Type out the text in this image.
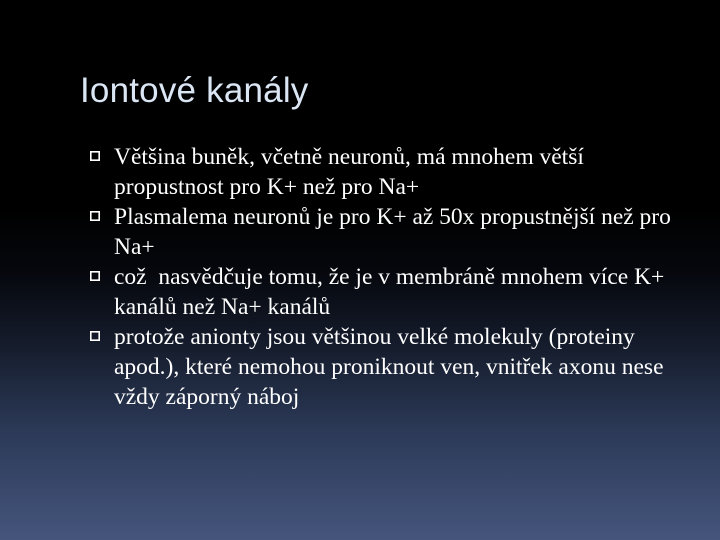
Iontové kanály
Většina buněk, včetně neuronů, má mnohem větší propustnost pro K+ než pro Na+
Plasmalema neuronů je pro K+ až 50x propustnější než pro Na+
což  nasvědčuje tomu, že je v membráně mnohem více K+ kanálů než Na+ kanálů
protože anionty jsou většinou velké molekuly (proteiny apod.), které nemohou proniknout ven, vnitřek axonu nese vždy záporný náboj
